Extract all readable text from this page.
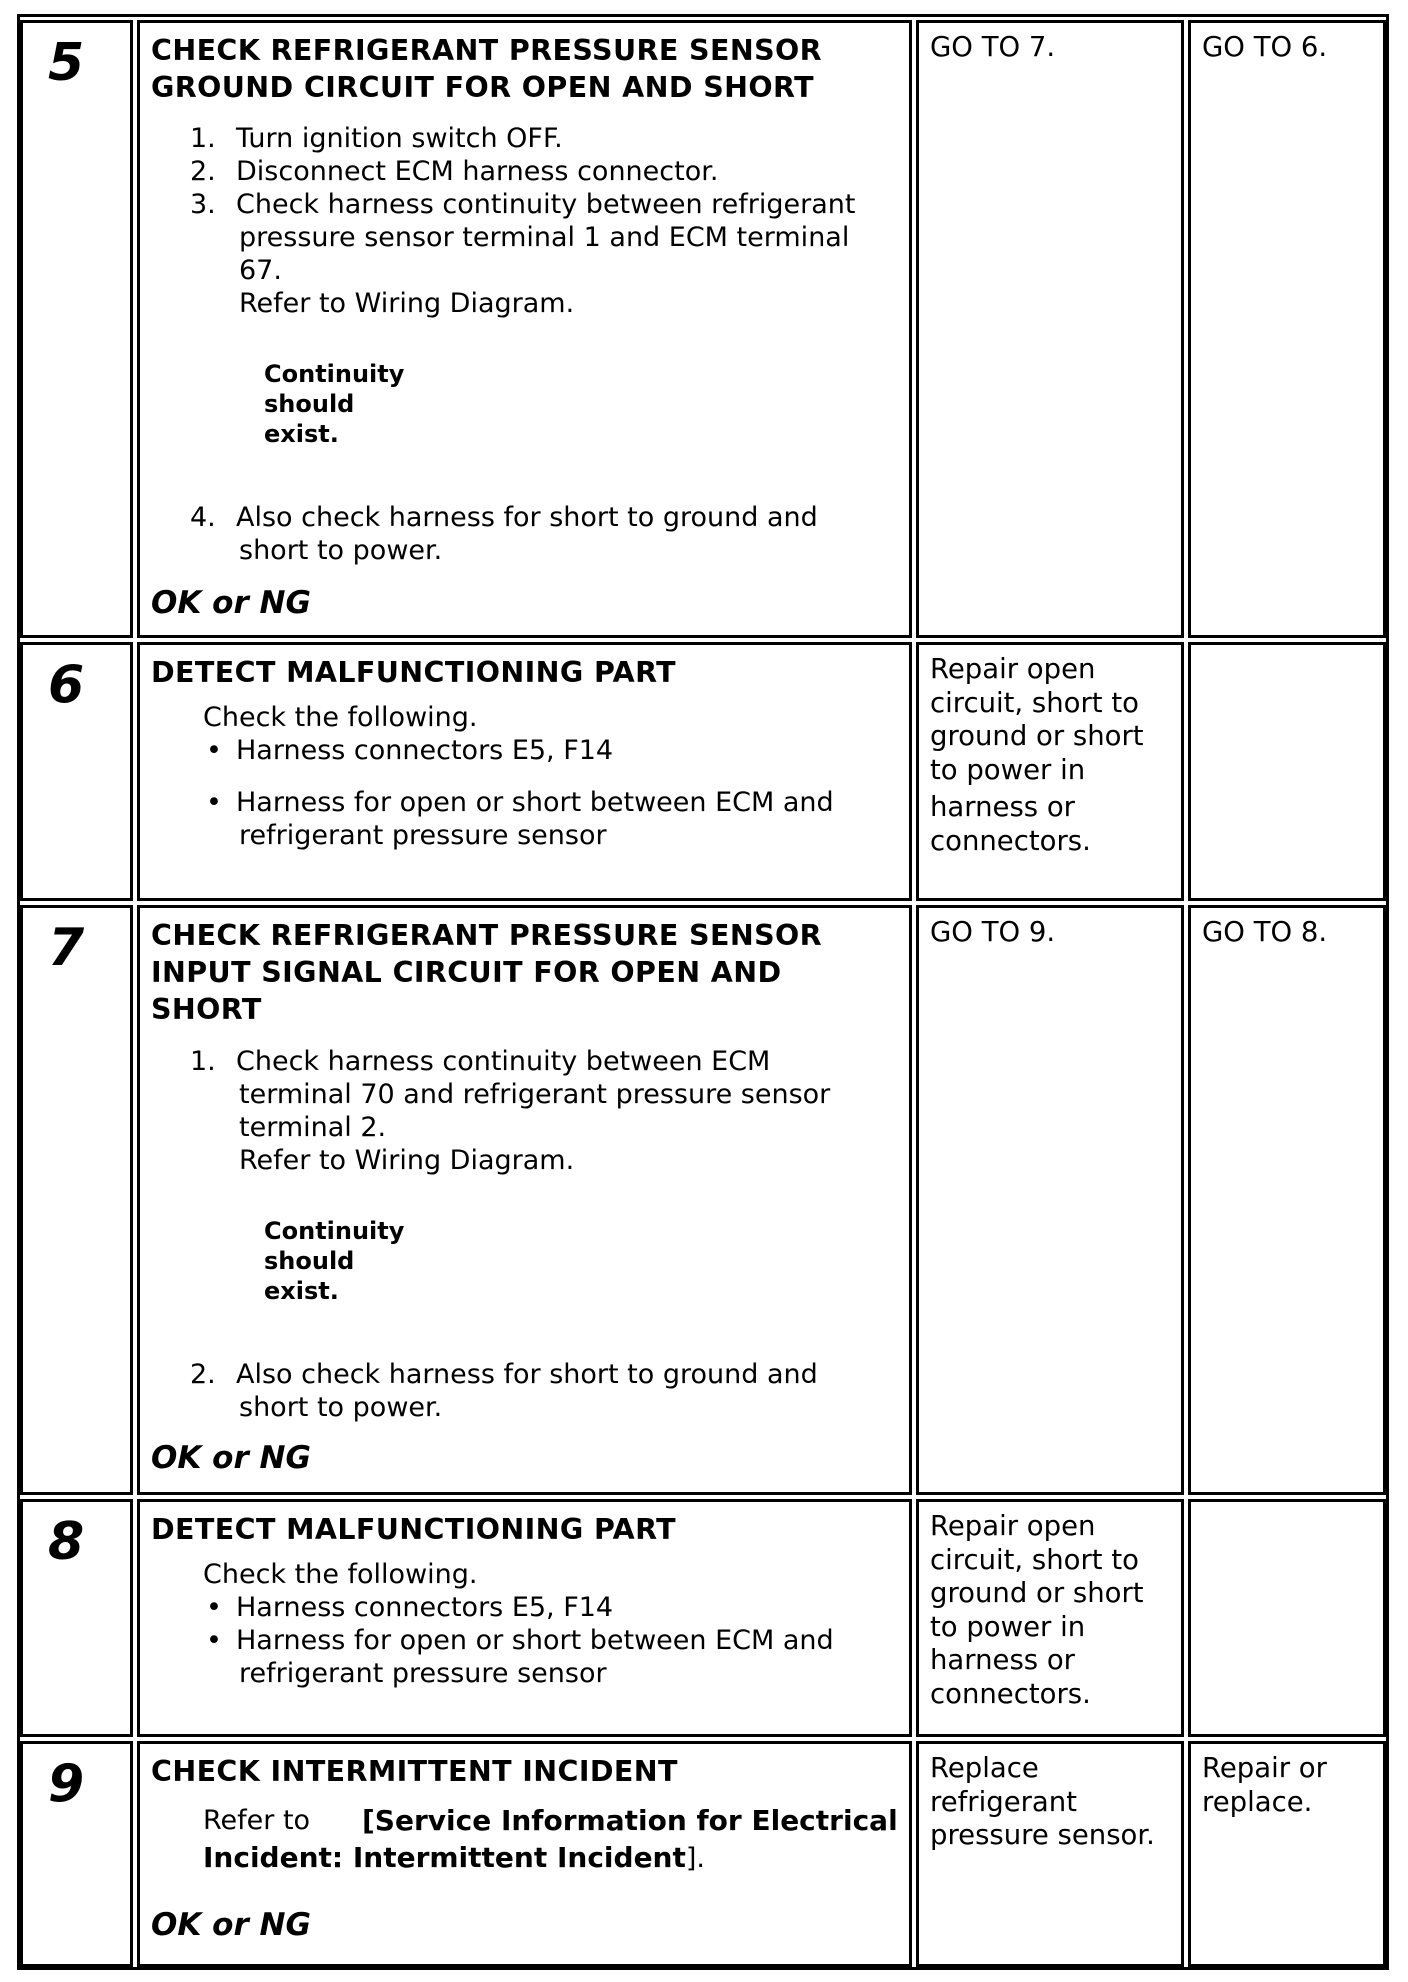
5 CHECK REFRIGERANT PRESSURE SENSOR
GROUND CIRCUIT FOR OPEN AND SHORT
1. Turn ignition switch OFF.
2. Disconnect ECM harness connector.
3. Check harness continuity between refrigerant
pressure sensor terminal 1 and ECM terminal
67.
Refer to Wiring Diagram.
Continuity
should
exist.
4. Also check harness for short to ground and
short to power.
OK or NG
GO TO 7.	GO TO 6.
6 DETECT MALFUNCTIONING PART
Check the following.
• Harness connectors E5, F14
• Harness for open or short between ECM and
refrigerant pressure sensor
Repair open
circuit, short to
ground or short
to power in
harness or
connectors.
7 CHECK REFRIGERANT PRESSURE SENSOR
INPUT SIGNAL CIRCUIT FOR OPEN AND
SHORT
1. Check harness continuity between ECM
terminal 70 and refrigerant pressure sensor
terminal 2.
Refer to Wiring Diagram.
Continuity
should
exist.
2. Also check harness for short to ground and
short to power.
OK or NG
GO TO 9.	GO TO 8.
8 DETECT MALFUNCTIONING PART
Check the following.
• Harness connectors E5, F14
• Harness for open or short between ECM and
refrigerant pressure sensor
Repair open
circuit, short to
ground or short
to power in
harness or
connectors.
9 CHECK INTERMITTENT INCIDENT
Refer to [Service Information for Electrical
Incident: Intermittent Incident].
OK or NG
Replace
refrigerant
pressure sensor.
Repair or
replace.
